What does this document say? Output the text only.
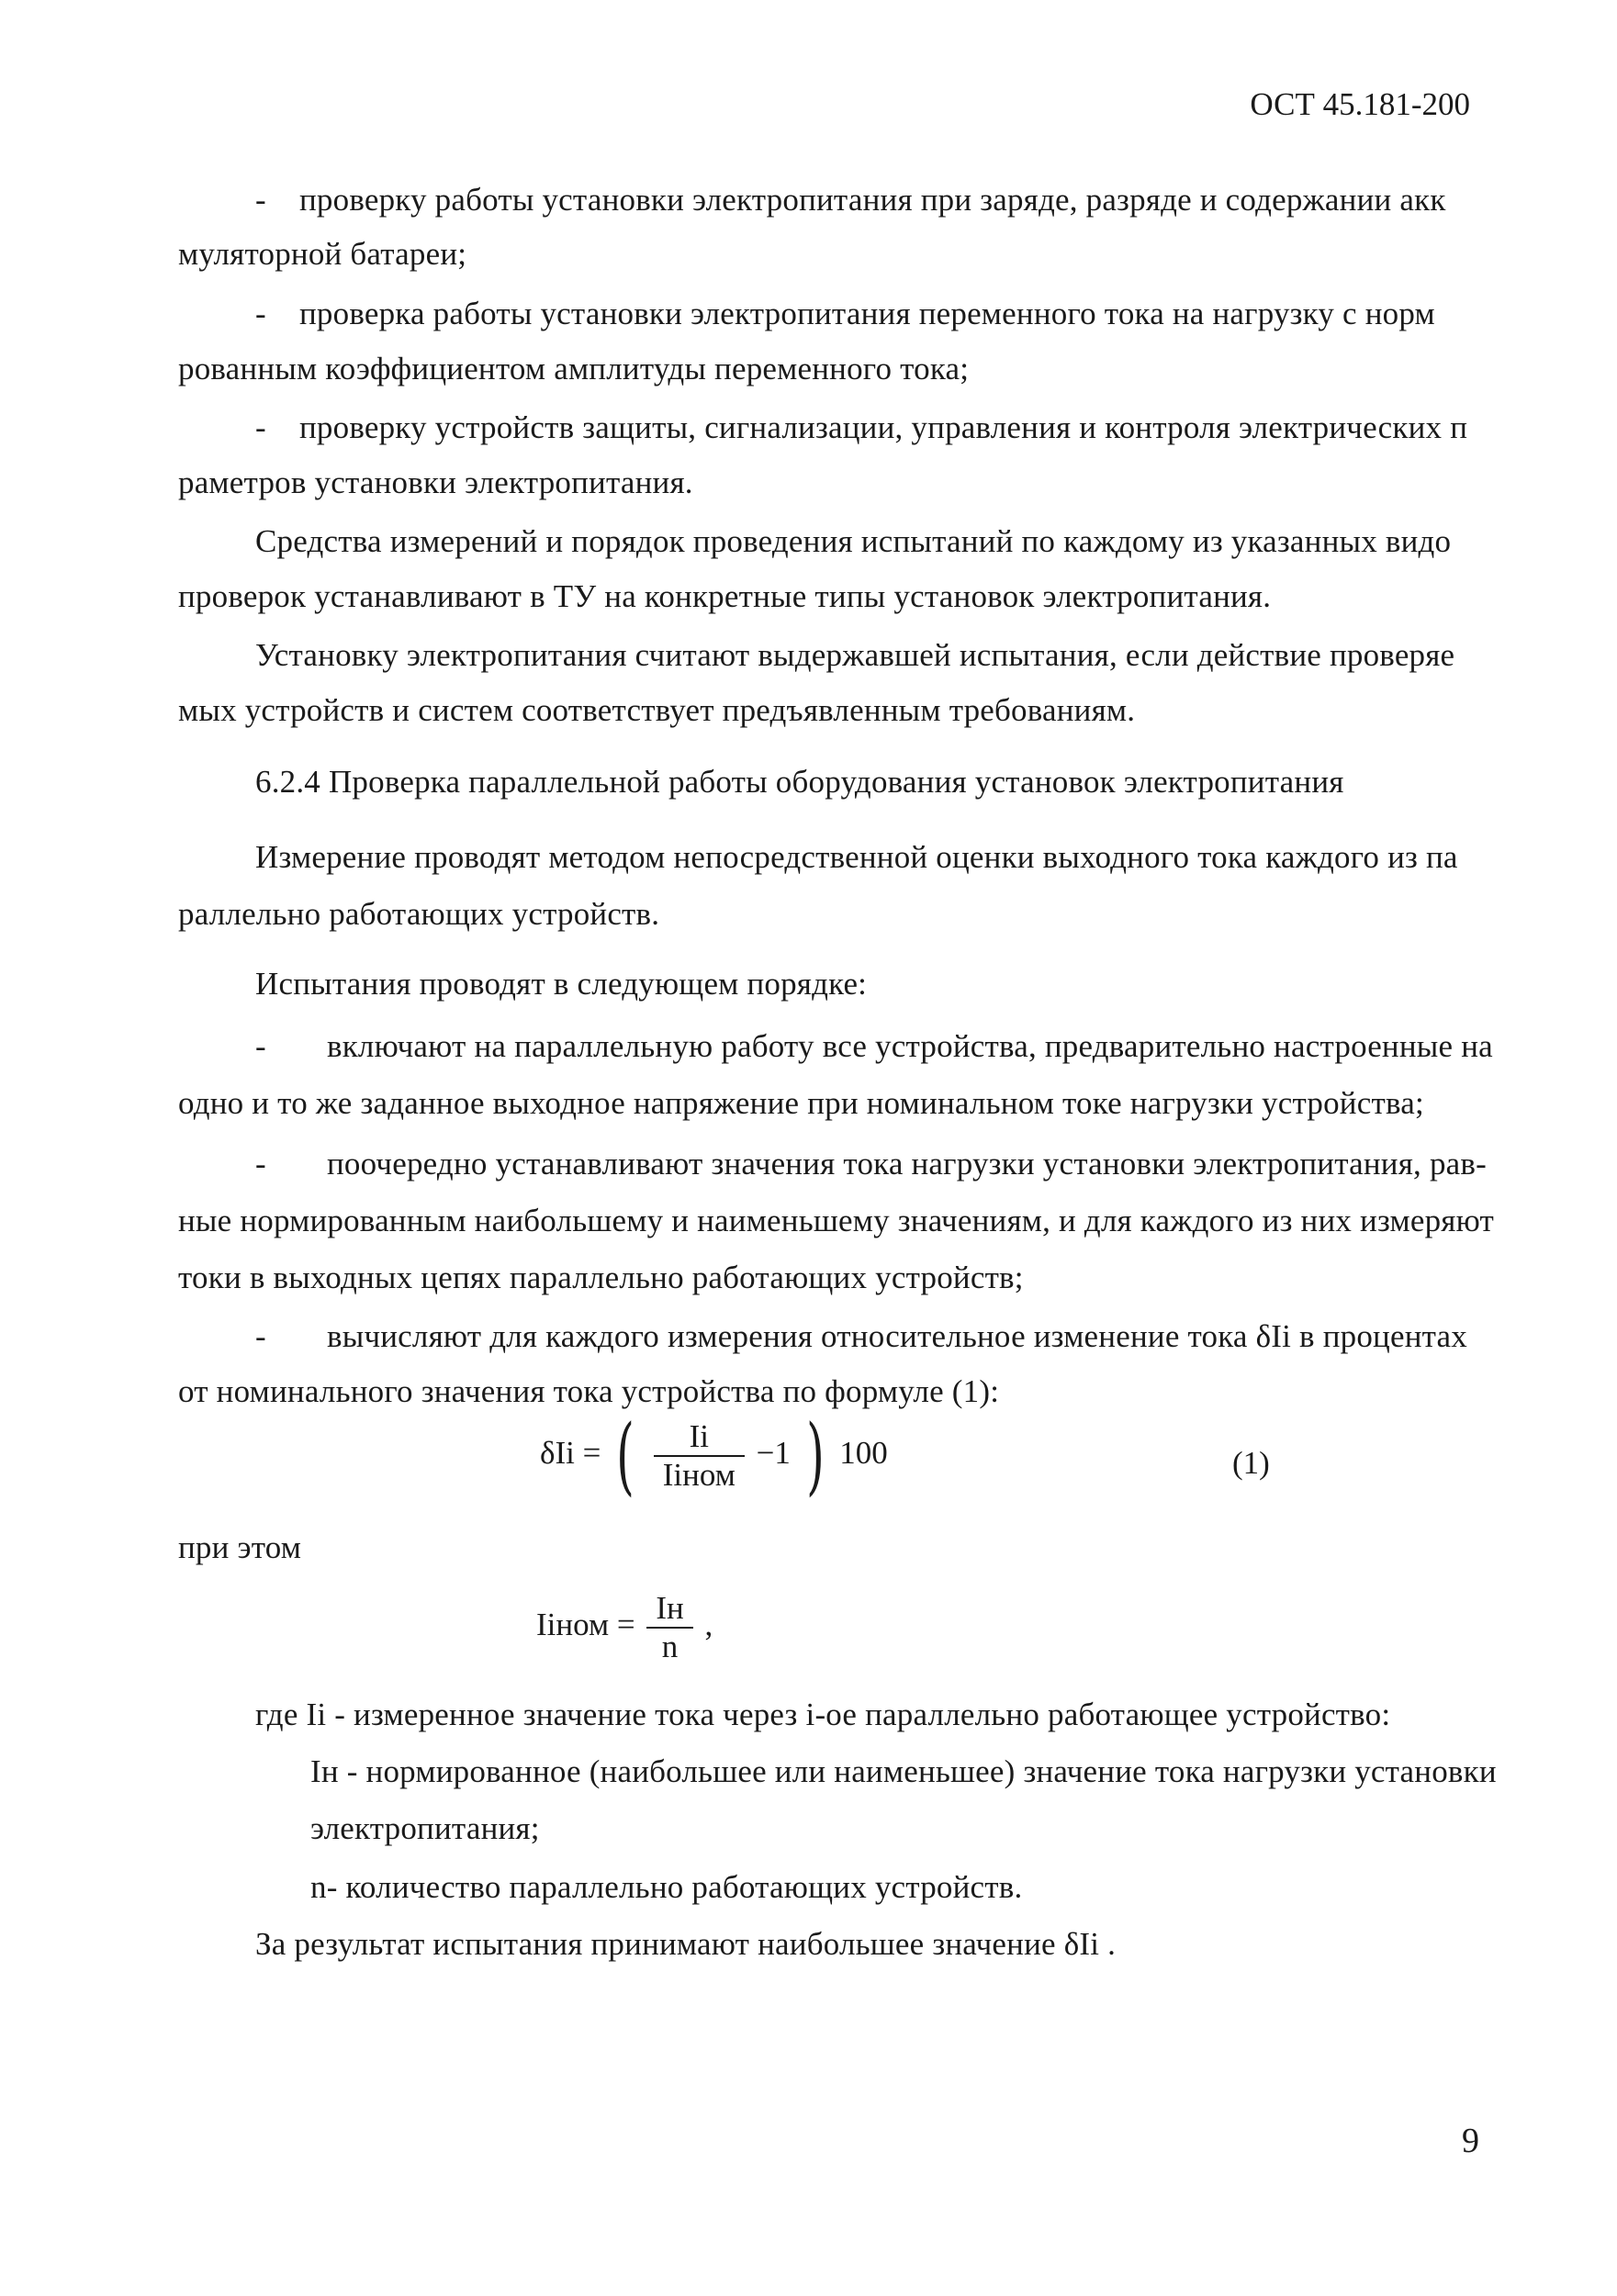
ОСТ 45.181-200
- проверку работы установки электропитания при заряде, разряде и содержании акк
муляторной батареи;
- проверка работы установки электропитания переменного тока на нагрузку с норм
рованным коэффициентом амплитуды переменного тока;
- проверку устройств защиты, сигнализации, управления и контроля электрических п
раметров установки электропитания.
Средства измерений и порядок проведения испытаний по каждому из указанных видо
проверок устанавливают в ТУ на конкретные типы установок электропитания.
Установку электропитания считают выдержавшей испытания, если действие проверяе
мых устройств и систем соответствует предъявленным требованиям.
6.2.4 Проверка параллельной работы оборудования установок электропитания
Измерение проводят методом непосредственной оценки выходного тока каждого из па
раллельно работающих устройств.
Испытания проводят в следующем порядке:
- включают на параллельную работу все устройства, предварительно настроенные на
одно и то же заданное выходное напряжение при номинальном токе нагрузки устройства;
- поочередно устанавливают значения тока нагрузки установки электропитания, рав-
ные нормированным наибольшему и наименьшему значениям, и для каждого из них измеряют
токи в выходных цепях параллельно работающих устройств;
- вычисляют для каждого измерения относительное изменение тока δIi в процентах
от номинального значения тока устройства по формуле (1):
δIi = ( $\frac{Ii}{\text{Iiном}} -1$ ) 100	(1)
при этом
Iiном = $\frac{Iн}{n}$ ,
где Ii - измеренное значение тока через i-ое параллельно работающее устройство:
Iн - нормированное (наибольшее или наименьшее) значение тока нагрузки установки
электропитания;
n- количество параллельно работающих устройств.
За результат испытания принимают наибольшее значение δIi .
9
